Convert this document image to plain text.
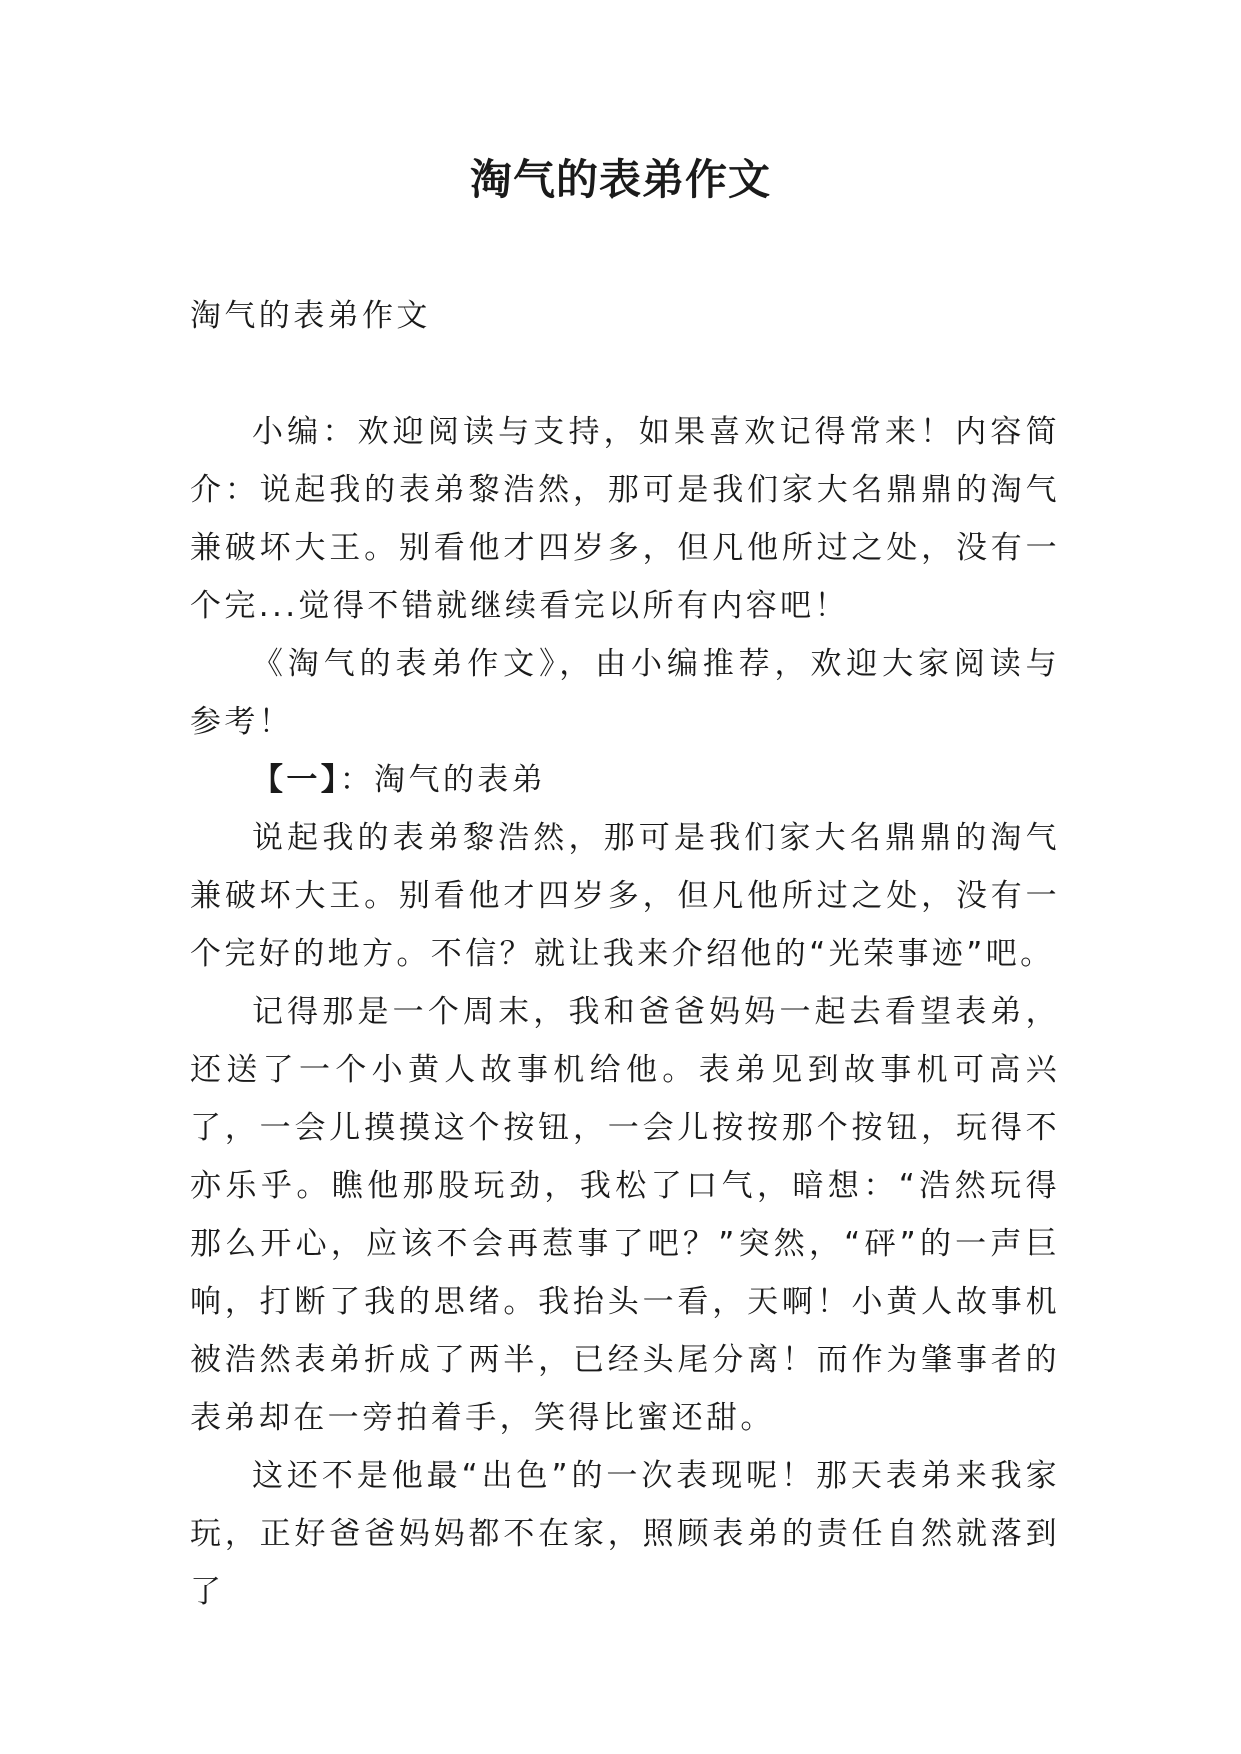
淘气的表弟作文

淘气的表弟作文

小编：欢迎阅读与支持，如果喜欢记得常来！内容简介：说起我的表弟黎浩然，那可是我们家大名鼎鼎的淘气兼破坏大王。别看他才四岁多，但凡他所过之处，没有一个完...觉得不错就继续看完以所有内容吧！

《淘气的表弟作文》，由小编推荐，欢迎大家阅读与参考！

【一】：淘气的表弟

说起我的表弟黎浩然，那可是我们家大名鼎鼎的淘气兼破坏大王。别看他才四岁多，但凡他所过之处，没有一个完好的地方。不信？就让我来介绍他的“光荣事迹”吧。

记得那是一个周末，我和爸爸妈妈一起去看望表弟，还送了一个小黄人故事机给他。表弟见到故事机可高兴了，一会儿摸摸这个按钮，一会儿按按那个按钮，玩得不亦乐乎。瞧他那股玩劲，我松了口气，暗想：“浩然玩得那么开心，应该不会再惹事了吧？”突然，“砰”的一声巨响，打断了我的思绪。我抬头一看，天啊！小黄人故事机被浩然表弟折成了两半，已经头尾分离！而作为肇事者的表弟却在一旁拍着手，笑得比蜜还甜。

这还不是他最“出色”的一次表现呢！那天表弟来我家玩，正好爸爸妈妈都不在家，照顾表弟的责任自然就落到了
